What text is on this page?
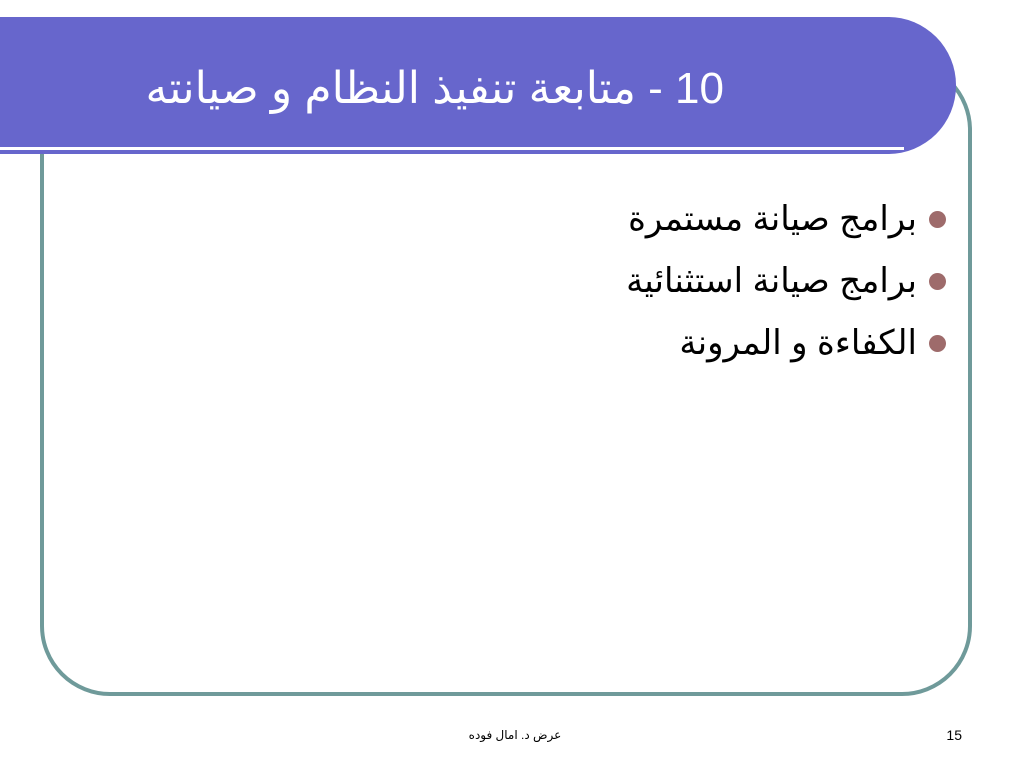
10 - متابعة تنفيذ النظام و صيانته
برامج صيانة مستمرة
برامج صيانة استثنائية
الكفاءة و المرونة
عرض د. امال فوده	15
